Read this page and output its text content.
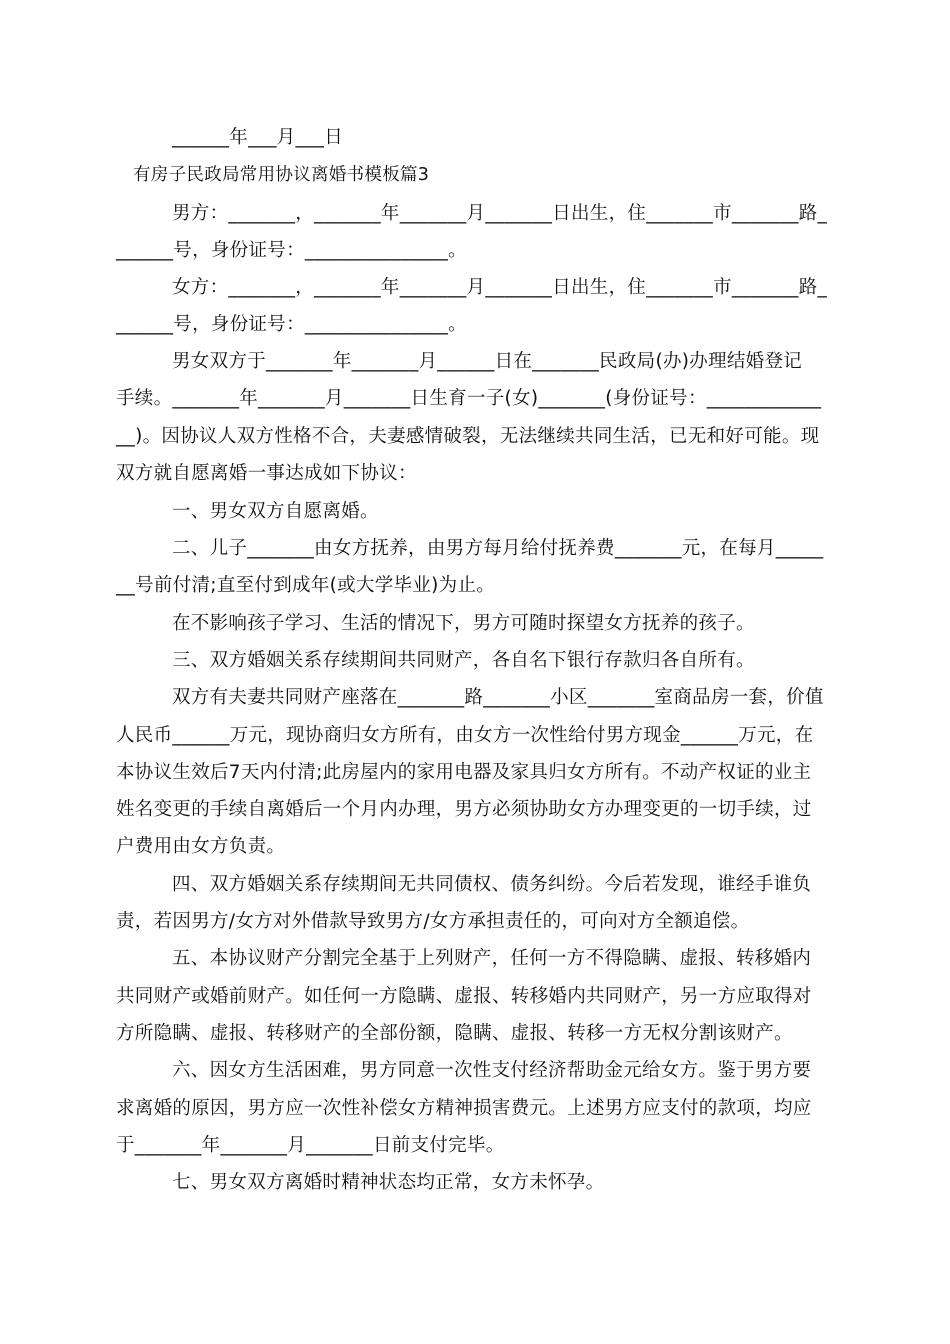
______年___月___日
有房子民政局常用协议离婚书模板篇3
男方：_______，_______年_______月_______日出生，住_______市_______路_
______号，身份证号：_______________。
女方：_______，_______年_______月_______日出生，住_______市_______路_
______号，身份证号：_______________。
男女双方于_______年_______月______日在_______民政局(办)办理结婚登记
手续。_______年_______月_______日生育一子(女)_______(身份证号：____________
__)。因协议人双方性格不合，夫妻感情破裂，无法继续共同生活，已无和好可能。现
双方就自愿离婚一事达成如下协议：
一、男女双方自愿离婚。
二、儿子_______由女方抚养，由男方每月给付抚养费_______元，在每月_____
__号前付清;直至付到成年(或大学毕业)为止。
在不影响孩子学习、生活的情况下，男方可随时探望女方抚养的孩子。
三、双方婚姻关系存续期间共同财产，各自名下银行存款归各自所有。
双方有夫妻共同财产座落在_______路_______小区_______室商品房一套，价值
人民币______万元，现协商归女方所有，由女方一次性给付男方现金______万元，在
本协议生效后7天内付清;此房屋内的家用电器及家具归女方所有。不动产权证的业主
姓名变更的手续自离婚后一个月内办理，男方必须协助女方办理变更的一切手续，过
户费用由女方负责。
四、双方婚姻关系存续期间无共同债权、债务纠纷。今后若发现，谁经手谁负
责，若因男方/女方对外借款导致男方/女方承担责任的，可向对方全额追偿。
五、本协议财产分割完全基于上列财产，任何一方不得隐瞒、虚报、转移婚内
共同财产或婚前财产。如任何一方隐瞒、虚报、转移婚内共同财产，另一方应取得对
方所隐瞒、虚报、转移财产的全部份额，隐瞒、虚报、转移一方无权分割该财产。
六、因女方生活困难，男方同意一次性支付经济帮助金元给女方。鉴于男方要
求离婚的原因，男方应一次性补偿女方精神损害费元。上述男方应支付的款项，均应
于_______年_______月_______日前支付完毕。
七、男女双方离婚时精神状态均正常，女方未怀孕。
